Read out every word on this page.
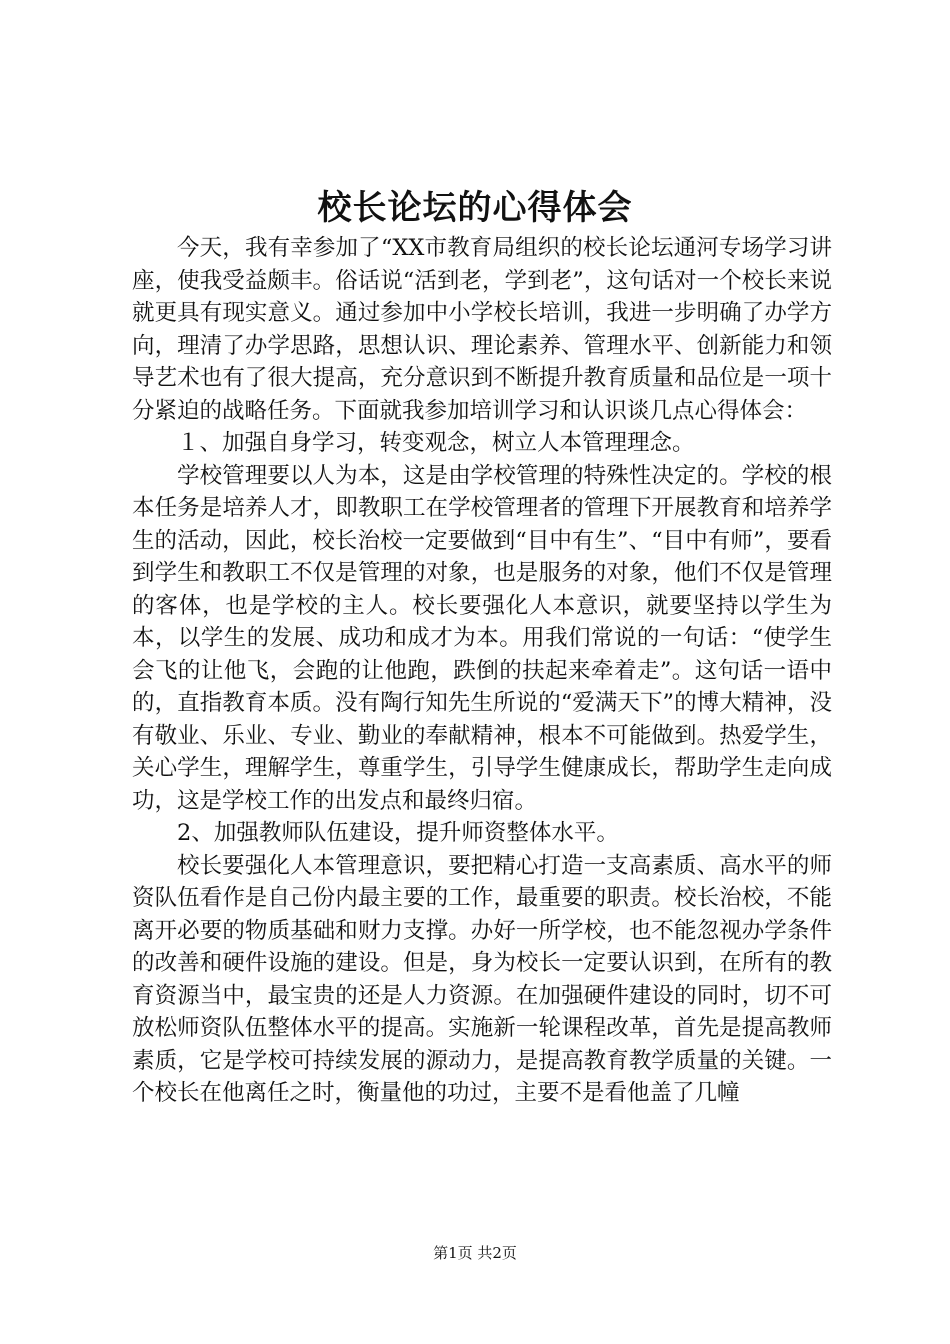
校长论坛的心得体会

今天，我有幸参加了“XX市教育局组织的校长论坛通河专场学习讲座，使我受益颇丰。俗话说“活到老，学到老”，这句话对一个校长来说就更具有现实意义。通过参加中小学校长培训，我进一步明确了办学方向，理清了办学思路，思想认识、理论素养、管理水平、创新能力和领导艺术也有了很大提高，充分意识到不断提升教育质量和品位是一项十分紧迫的战略任务。下面就我参加培训学习和认识谈几点心得体会：

１、加强自身学习，转变观念，树立人本管理理念。

学校管理要以人为本，这是由学校管理的特殊性决定的。学校的根本任务是培养人才，即教职工在学校管理者的管理下开展教育和培养学生的活动，因此，校长治校一定要做到“目中有生”、“目中有师”，要看到学生和教职工不仅是管理的对象，也是服务的对象，他们不仅是管理的客体，也是学校的主人。校长要强化人本意识，就要坚持以学生为本，以学生的发展、成功和成才为本。用我们常说的一句话：“使学生会飞的让他飞，会跑的让他跑，跌倒的扶起来牵着走”。这句话一语中的，直指教育本质。没有陶行知先生所说的“爱满天下”的博大精神，没有敬业、乐业、专业、勤业的奉献精神，根本不可能做到。热爱学生，关心学生，理解学生，尊重学生，引导学生健康成长，帮助学生走向成功，这是学校工作的出发点和最终归宿。

2、加强教师队伍建设，提升师资整体水平。

校长要强化人本管理意识，要把精心打造一支高素质、高水平的师资队伍看作是自己份内最主要的工作，最重要的职责。校长治校，不能离开必要的物质基础和财力支撑。办好一所学校，也不能忽视办学条件的改善和硬件设施的建设。但是，身为校长一定要认识到，在所有的教育资源当中，最宝贵的还是人力资源。在加强硬件建设的同时，切不可放松师资队伍整体水平的提高。实施新一轮课程改革，首先是提高教师素质，它是学校可持续发展的源动力，是提高教育教学质量的关键。一个校长在他离任之时，衡量他的功过，主要不是看他盖了几幢

第1页 共2页
